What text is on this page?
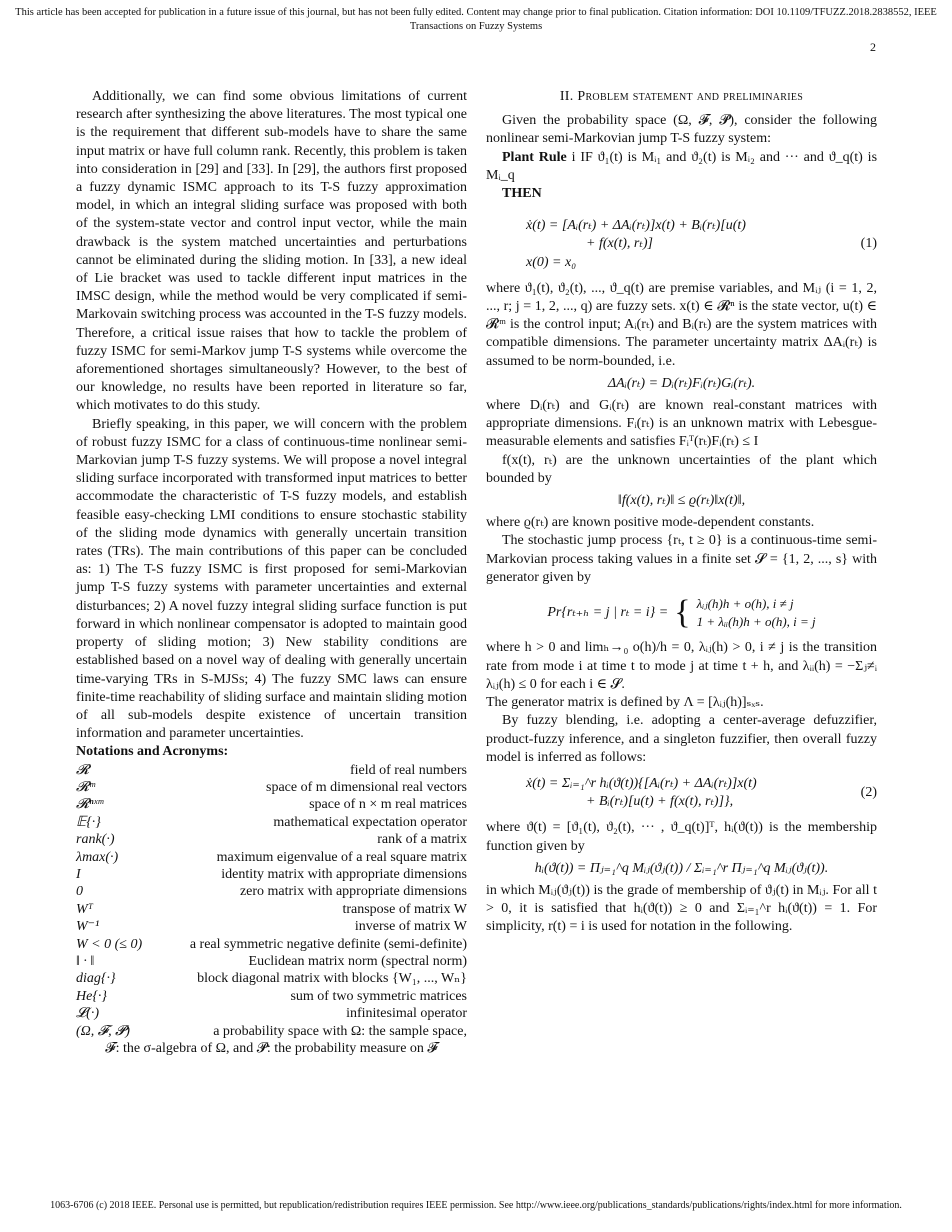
This article has been accepted for publication in a future issue of this journal, but has not been fully edited. Content may change prior to final publication. Citation information: DOI 10.1109/TFUZZ.2018.2838552, IEEE
Transactions on Fuzzy Systems
2

Additionally, we can find some obvious limitations of current research after synthesizing the above literatures. The most typical one is the requirement that different sub-models have to share the same input matrix or have full column rank. Recently, this problem is taken into consideration in [29] and [33]. In [29], the authors first proposed a fuzzy dynamic ISMC approach to its T-S fuzzy approximation model, in which an integral sliding surface was proposed with both of the system-state vector and control input vector, while the main drawback is the system matched uncertainties and perturbations cannot be eliminated during the sliding motion. In [33], a new ideal of Lie bracket was used to tackle different input matrices in the IMSC design, while the method would be very complicated if semi-Markovain switching process was accounted in the T-S fuzzy models. Therefore, a critical issue raises that how to tackle the problem of fuzzy ISMC for semi-Markov jump T-S systems while overcome the aforementioned shortages simultaneously? However, to the best of our knowledge, no results have been reported in literature so far, which motivates to do this study.

Briefly speaking, in this paper, we will concern with the problem of robust fuzzy ISMC for a class of continuous-time nonlinear semi-Markovian jump T-S fuzzy systems. We will propose a novel integral sliding surface incorporated with transformed input matrices to better accommodate the characteristic of T-S fuzzy models, and establish feasible easy-checking LMI conditions to ensure stochastic stability of the sliding mode dynamics with generally uncertain transition rates (TRs). The main contributions of this paper can be concluded as: 1) The T-S fuzzy ISMC is first proposed for semi-Markovian jump T-S fuzzy systems with parameter uncertainties and external disturbances; 2) A novel fuzzy integral sliding surface function is put forward in which nonlinear compensator is adopted to maintain good property of sliding motion; 3) New stability conditions are established based on a novel way of dealing with generally uncertain time-varying TRs in S-MJSs; 4) The fuzzy SMC laws can ensure finite-time reachability of sliding surface and maintain sliding motion of all sub-models despite existence of uncertain transition information and parameter uncertainties.

Notations and Acronyms:

𝓡	field of real numbers
𝓡ᵐ	space of m dimensional real vectors
𝓡ⁿˣᵐ	space of n × m real matrices
𝔼{·}	mathematical expectation operator
rank(·)	rank of a matrix
λmax(·)	maximum eigenvalue of a real square matrix
I	identity matrix with appropriate dimensions
0	zero matrix with appropriate dimensions
Wᵀ	transpose of matrix W
W⁻¹	inverse of matrix W
W < 0 (≤ 0)	a real symmetric negative definite (semi-definite)
‖ · ‖	Euclidean matrix norm (spectral norm)
diag{·}	block diagonal matrix with blocks {W₁, ..., Wₙ}
He{·}	sum of two symmetric matrices
𝓛(·)	infinitesimal operator
(Ω, 𝓕, 𝓟)	a probability space with Ω: the sample space,

𝓕: the σ-algebra of Ω, and 𝓟: the probability measure on 𝓕

II. Problem statement and preliminaries

Given the probability space (Ω, 𝓕, 𝓟), consider the following nonlinear semi-Markovian jump T-S fuzzy system:

Plant Rule i IF ϑ₁(t) is Mᵢ₁ and ϑ₂(t) is Mᵢ₂ and ··· and ϑ_q(t) is Mᵢ_q

THEN

ẋ(t) = [Aᵢ(rₜ) + ΔAᵢ(rₜ)]x(t) + Bᵢ(rₜ)[u(t)
+ f(x(t), rₜ)]
x(0) = x₀
(1)

where ϑ₁(t), ϑ₂(t), ..., ϑ_q(t) are premise variables, and Mᵢⱼ (i = 1, 2, ..., r; j = 1, 2, ..., q) are fuzzy sets. x(t) ∈ 𝓡ⁿ is the state vector, u(t) ∈ 𝓡ᵐ is the control input; Aᵢ(rₜ) and Bᵢ(rₜ) are the system matrices with compatible dimensions. The parameter uncertainty matrix ΔAᵢ(rₜ) is assumed to be norm-bounded, i.e.

ΔAᵢ(rₜ) = Dᵢ(rₜ)Fᵢ(rₜ)Gᵢ(rₜ).

where Dᵢ(rₜ) and Gᵢ(rₜ) are known real-constant matrices with appropriate dimensions. Fᵢ(rₜ) is an unknown matrix with Lebesgue-measurable elements and satisfies Fᵢᵀ(rₜ)Fᵢ(rₜ) ≤ I

f(x(t), rₜ) are the unknown uncertainties of the plant which bounded by

‖f(x(t), rₜ)‖ ≤ ϱ(rₜ)‖x(t)‖,

where ϱ(rₜ) are known positive mode-dependent constants.

The stochastic jump process {rₜ, t ≥ 0} is a continuous-time semi-Markovian process taking values in a finite set 𝓢 = {1, 2, ..., s} with generator given by

Pr{rₜ₊ₕ = j | rₜ = i} = { λᵢⱼ(h)h + o(h), i ≠ j
1 + λᵢᵢ(h)h + o(h), i = j

where h > 0 and limₕ→₀ o(h)/h = 0, λᵢⱼ(h) > 0, i ≠ j is the transition rate from mode i at time t to mode j at time t + h, and λᵢᵢ(h) = −Σⱼ≠ᵢ λᵢⱼ(h) ≤ 0 for each i ∈ 𝓢.

The generator matrix is defined by Λ = [λᵢⱼ(h)]ₛₓₛ.

By fuzzy blending, i.e. adopting a center-average defuzzifier, product-fuzzy inference, and a singleton fuzzifier, then overall fuzzy model is inferred as follows:

ẋ(t) = Σᵢ₌₁^r hᵢ(ϑ(t)){[Aᵢ(rₜ) + ΔAᵢ(rₜ)]x(t)
+ Bᵢ(rₜ)[u(t) + f(x(t), rₜ)]},
(2)

where ϑ(t) = [ϑ₁(t), ϑ₂(t), ··· , ϑ_q(t)]ᵀ, hᵢ(ϑ(t)) is the membership function given by

hᵢ(ϑ(t)) = Πⱼ₌₁^q Mᵢⱼ(ϑⱼ(t)) / Σᵢ₌₁^r Πⱼ₌₁^q Mᵢⱼ(ϑⱼ(t)).

in which Mᵢⱼ(ϑⱼ(t)) is the grade of membership of ϑⱼ(t) in Mᵢⱼ. For all t > 0, it is satisfied that hᵢ(ϑ(t)) ≥ 0 and Σᵢ₌₁^r hᵢ(ϑ(t)) = 1. For simplicity, r(t) = i is used for notation in the following.

1063-6706 (c) 2018 IEEE. Personal use is permitted, but republication/redistribution requires IEEE permission. See http://www.ieee.org/publications_standards/publications/rights/index.html for more information.
